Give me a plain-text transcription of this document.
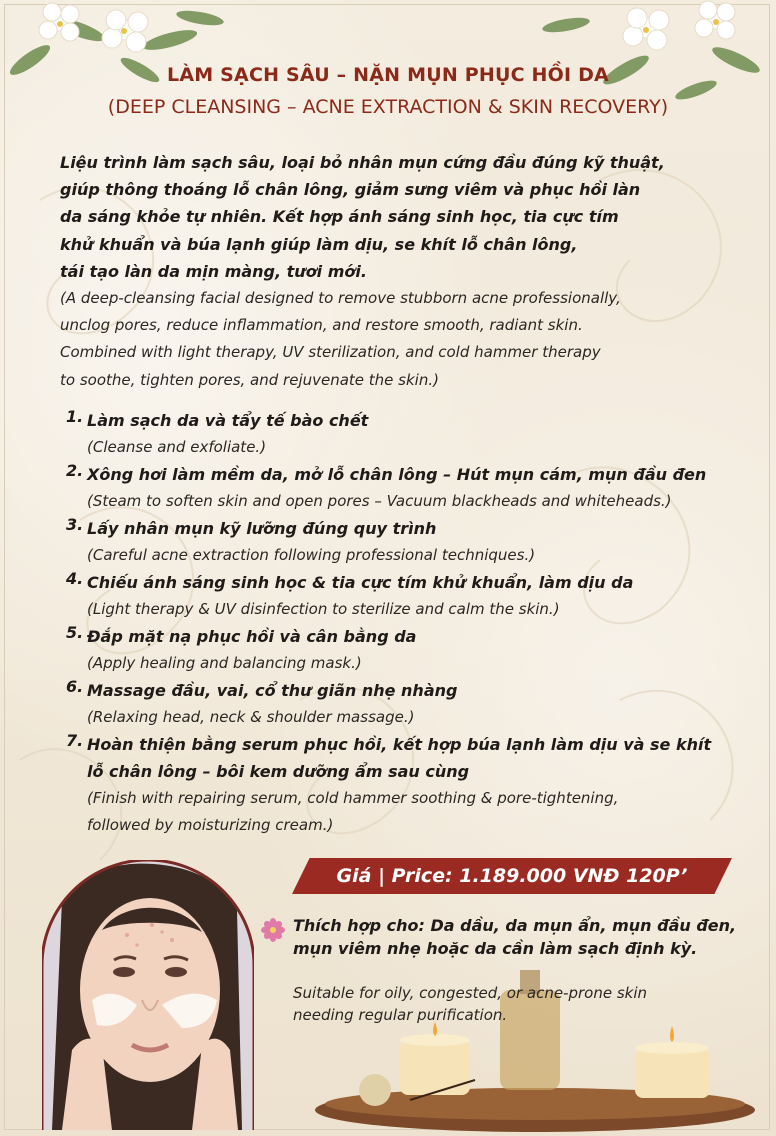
LÀM SẠCH SÂU – NẶN MỤN PHỤC HỒI DA
(DEEP CLEANSING – ACNE EXTRACTION & SKIN RECOVERY)
Liệu trình làm sạch sâu, loại bỏ nhân mụn cứng đầu đúng kỹ thuật,
giúp thông thoáng lỗ chân lông, giảm sưng viêm và phục hồi làn
da sáng khỏe tự nhiên. Kết hợp ánh sáng sinh học, tia cực tím
khử khuẩn và búa lạnh giúp làm dịu, se khít lỗ chân lông,
tái tạo làn da mịn màng, tươi mới.
(A deep-cleansing facial designed to remove stubborn acne professionally,
unclog pores, reduce inflammation, and restore smooth, radiant skin.
Combined with light therapy, UV sterilization, and cold hammer therapy
to soothe, tighten pores, and rejuvenate the skin.)
1. Làm sạch da và tẩy tế bào chết
(Cleanse and exfoliate.)
2. Xông hơi làm mềm da, mở lỗ chân lông – Hút mụn cám, mụn đầu đen
(Steam to soften skin and open pores – Vacuum blackheads and whiteheads.)
3. Lấy nhân mụn kỹ lưỡng đúng quy trình
(Careful acne extraction following professional techniques.)
4. Chiếu ánh sáng sinh học & tia cực tím khử khuẩn, làm dịu da
(Light therapy & UV disinfection to sterilize and calm the skin.)
5. Đắp mặt nạ phục hồi và cân bằng da
(Apply healing and balancing mask.)
6. Massage đầu, vai, cổ thư giãn nhẹ nhàng
(Relaxing head, neck & shoulder massage.)
7. Hoàn thiện bằng serum phục hồi, kết hợp búa lạnh làm dịu và se khít
lỗ chân lông – bôi kem dưỡng ẩm sau cùng
(Finish with repairing serum, cold hammer soothing & pore-tightening,
followed by moisturizing cream.)
Giá | Price: 1.189.000 VNĐ 120P’
Thích hợp cho: Da dầu, da mụn ẩn, mụn đầu đen,
mụn viêm nhẹ hoặc da cần làm sạch định kỳ.
Suitable for oily, congested, or acne-prone skin
needing regular purification.
